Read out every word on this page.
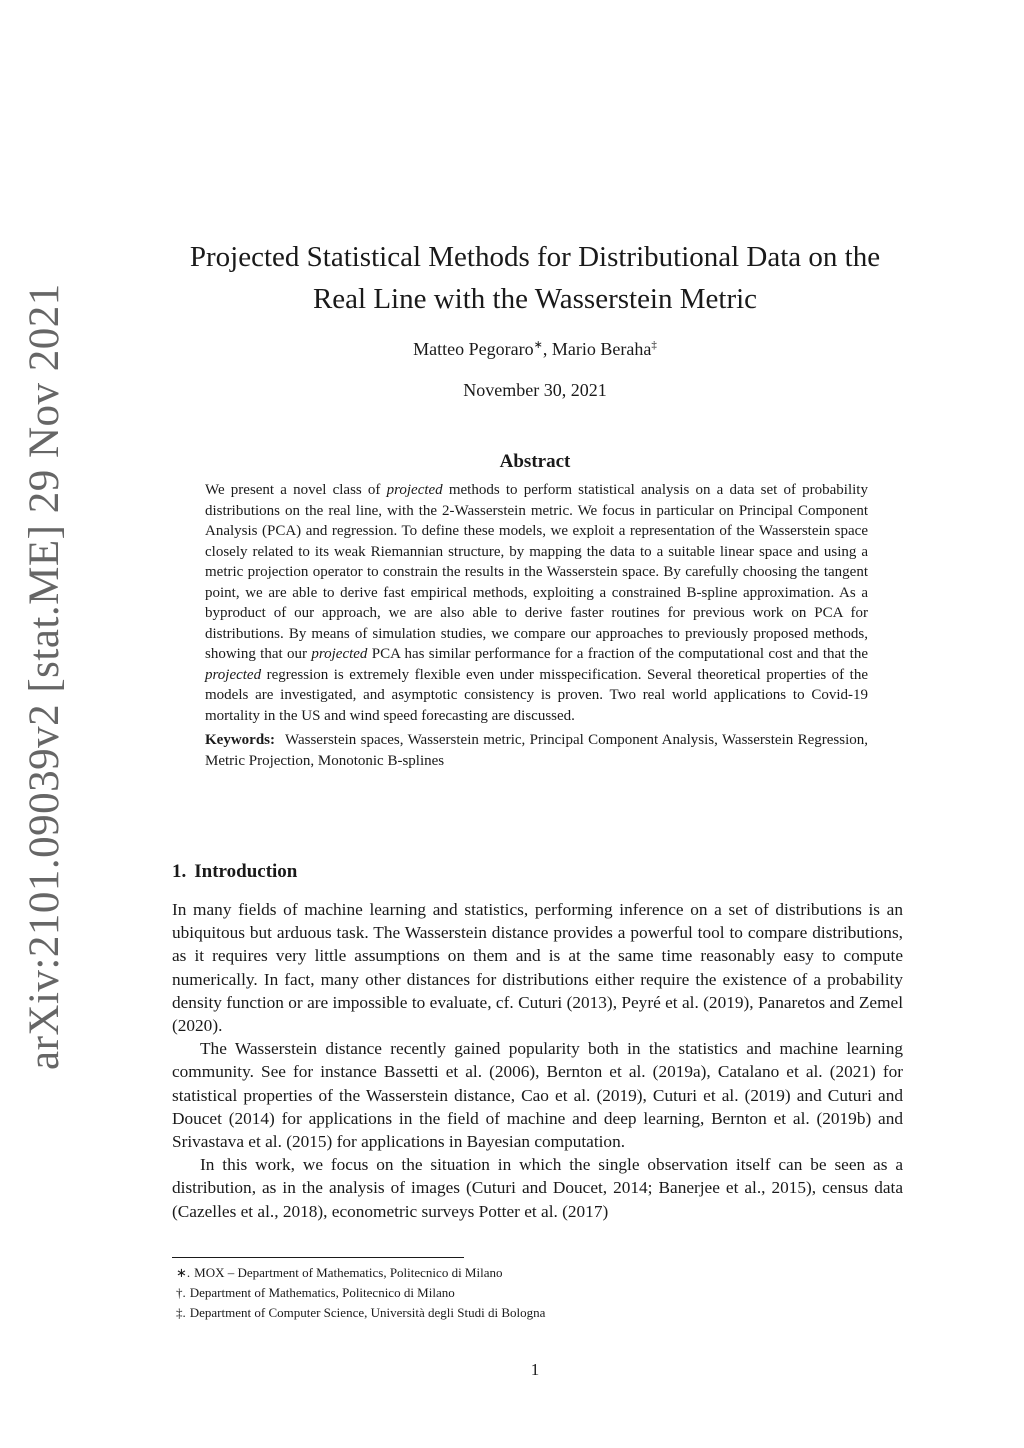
arXiv:2101.09039v2 [stat.ME] 29 Nov 2021
Projected Statistical Methods for Distributional Data on the
Real Line with the Wasserstein Metric
Matteo Pegoraro∗, Mario Beraha‡
November 30, 2021
Abstract

We present a novel class of projected methods to perform statistical analysis on a data set of probability distributions on the real line, with the 2-Wasserstein metric. We focus in particular on Principal Component Analysis (PCA) and regression. To define these models, we exploit a representation of the Wasserstein space closely related to its weak Riemannian structure, by mapping the data to a suitable linear space and using a metric projection operator to constrain the results in the Wasserstein space. By carefully choosing the tangent point, we are able to derive fast empirical methods, exploiting a constrained B-spline approximation. As a byproduct of our approach, we are also able to derive faster routines for previous work on PCA for distributions. By means of simulation studies, we compare our approaches to previously proposed methods, showing that our projected PCA has similar performance for a fraction of the computational cost and that the projected regression is extremely flexible even under misspecification. Several theoretical properties of the models are investigated, and asymptotic consistency is proven. Two real world applications to Covid-19 mortality in the US and wind speed forecasting are discussed.

Keywords: Wasserstein spaces, Wasserstein metric, Principal Component Analysis, Wasserstein Regression, Metric Projection, Monotonic B-splines

1. Introduction

In many fields of machine learning and statistics, performing inference on a set of distributions is an ubiquitous but arduous task. The Wasserstein distance provides a powerful tool to compare distributions, as it requires very little assumptions on them and is at the same time reasonably easy to compute numerically. In fact, many other distances for distributions either require the existence of a probability density function or are impossible to evaluate, cf. Cuturi (2013), Peyré et al. (2019), Panaretos and Zemel (2020).

The Wasserstein distance recently gained popularity both in the statistics and machine learning community. See for instance Bassetti et al. (2006), Bernton et al. (2019a), Catalano et al. (2021) for statistical properties of the Wasserstein distance, Cao et al. (2019), Cuturi et al. (2019) and Cuturi and Doucet (2014) for applications in the field of machine and deep learning, Bernton et al. (2019b) and Srivastava et al. (2015) for applications in Bayesian computation.

In this work, we focus on the situation in which the single observation itself can be seen as a distribution, as in the analysis of images (Cuturi and Doucet, 2014; Banerjee et al., 2015), census data (Cazelles et al., 2018), econometric surveys Potter et al. (2017)

∗. MOX – Department of Mathematics, Politecnico di Milano
†. Department of Mathematics, Politecnico di Milano
‡. Department of Computer Science, Università degli Studi di Bologna
1
